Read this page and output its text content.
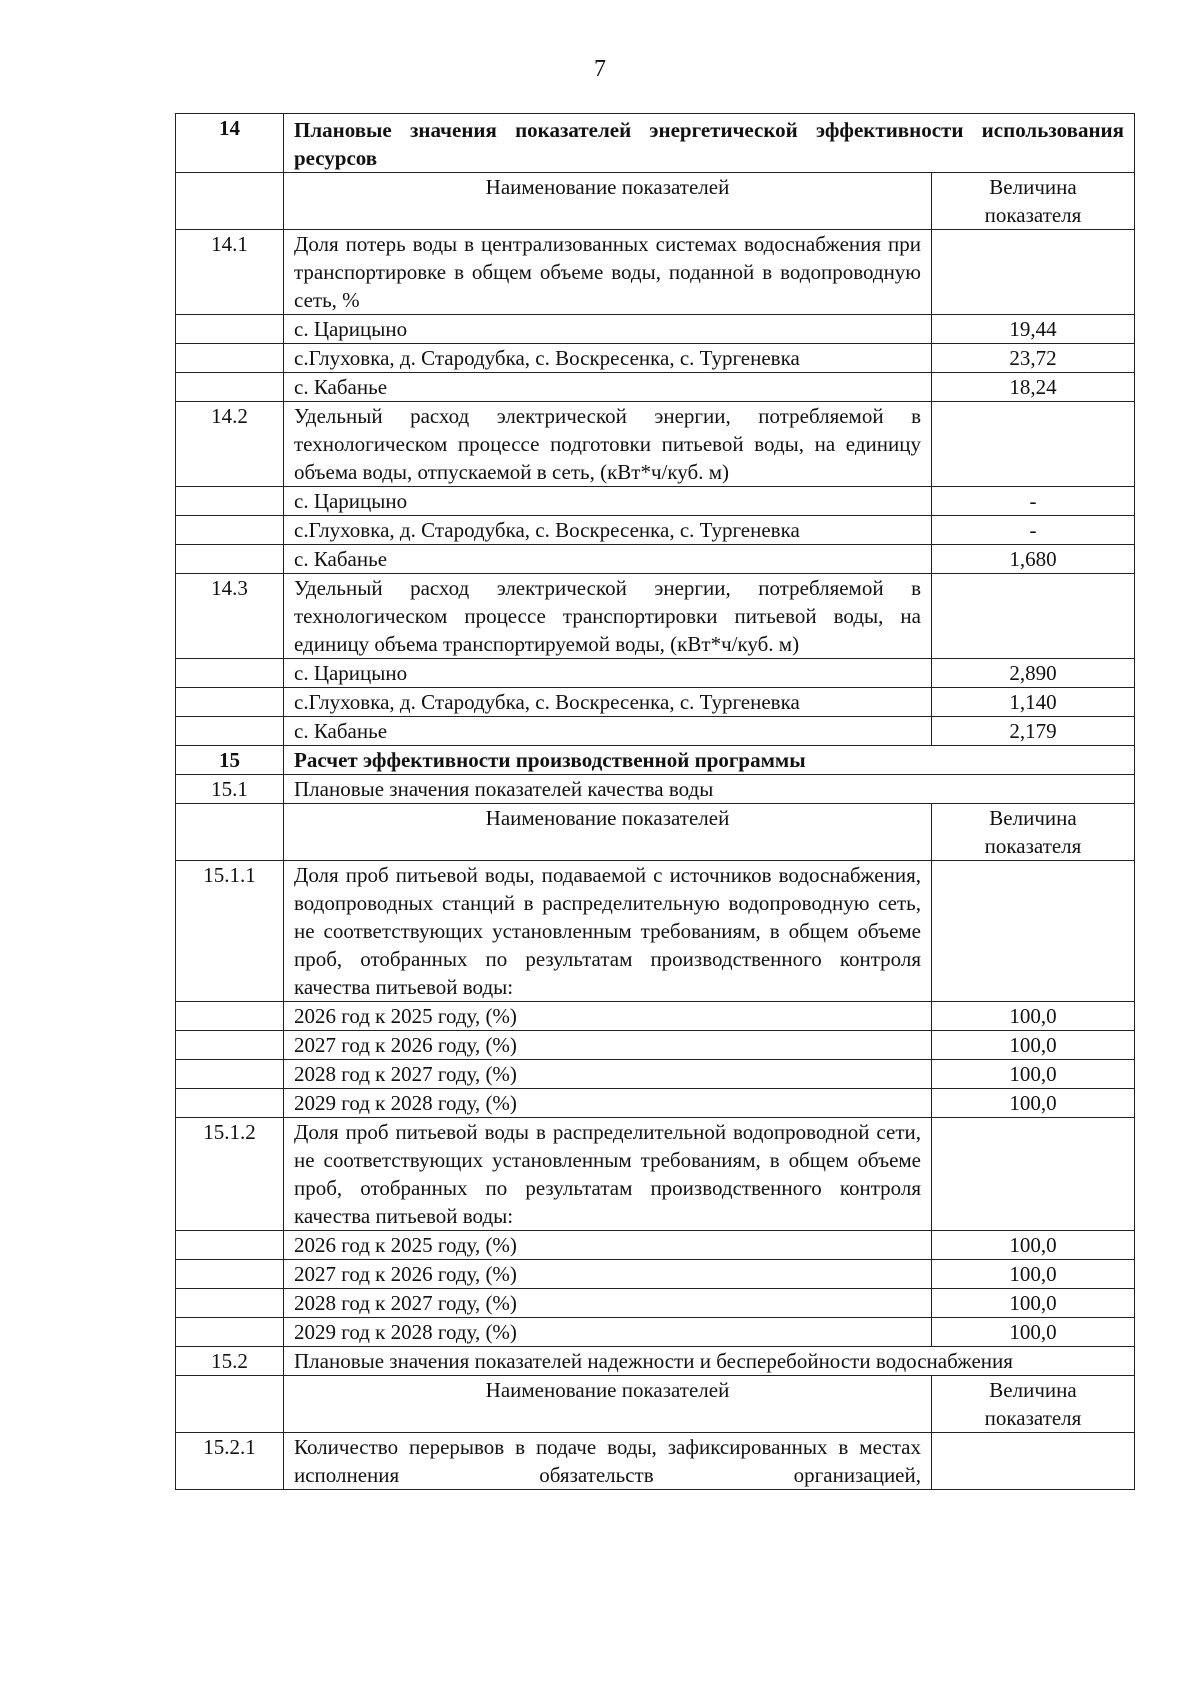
7
14	Плановые значения показателей энергетической эффективности использования ресурсов	
	Наименование показателей	Величина показателя
14.1	Доля потерь воды в централизованных системах водоснабжения при транспортировке в общем объеме воды, поданной в водопроводную сеть, %	
	с. Царицыно	19,44
	с.Глуховка, д. Стародубка, с. Воскресенка, с. Тургеневка	23,72
	с. Кабанье	18,24
14.2	Удельный расход электрической энергии, потребляемой в технологическом процессе подготовки питьевой воды, на единицу объема воды, отпускаемой в сеть, (кВт*ч/куб. м)	
	с. Царицыно	-
	с.Глуховка, д. Стародубка, с. Воскресенка, с. Тургеневка	-
	с. Кабанье	1,680
14.3	Удельный расход электрической энергии, потребляемой в технологическом процессе транспортировки питьевой воды, на единицу объема транспортируемой воды, (кВт*ч/куб. м)	
	с. Царицыно	2,890
	с.Глуховка, д. Стародубка, с. Воскресенка, с. Тургеневка	1,140
	с. Кабанье	2,179
15	Расчет эффективности производственной программы	
15.1	Плановые значения показателей качества воды	
	Наименование показателей	Величина показателя
15.1.1	Доля проб питьевой воды, подаваемой с источников водоснабжения, водопроводных станций в распределительную водопроводную сеть, не соответствующих установленным требованиям, в общем объеме проб, отобранных по результатам производственного контроля качества питьевой воды:	
	2026 год к 2025 году, (%)	100,0
	2027 год к 2026 году, (%)	100,0
	2028 год к 2027 году, (%)	100,0
	2029 год к 2028 году, (%)	100,0
15.1.2	Доля проб питьевой воды в распределительной водопроводной сети, не соответствующих установленным требованиям, в общем объеме проб, отобранных по результатам производственного контроля качества питьевой воды:	
	2026 год к 2025 году, (%)	100,0
	2027 год к 2026 году, (%)	100,0
	2028 год к 2027 году, (%)	100,0
	2029 год к 2028 году, (%)	100,0
15.2	Плановые значения показателей надежности и бесперебойности водоснабжения	
	Наименование показателей	Величина показателя
15.2.1	Количество перерывов в подаче воды, зафиксированных в местах исполнения обязательств организацией,	
